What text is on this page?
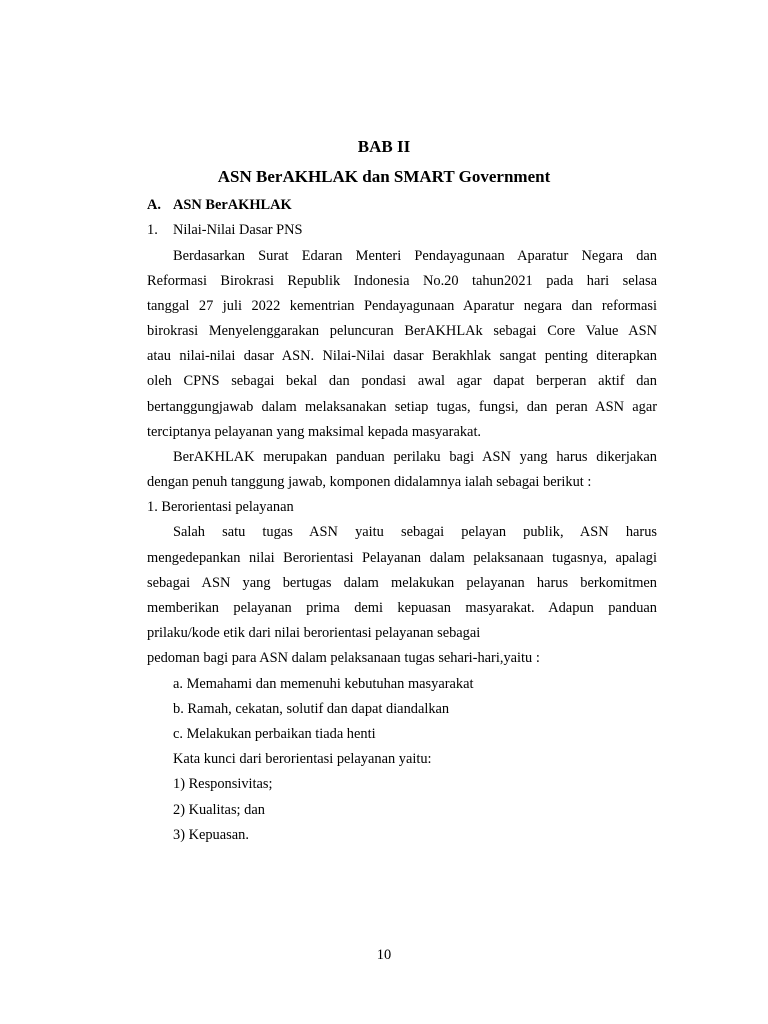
BAB II
ASN BerAKHLAK dan SMART Government
A. ASN BerAKHLAK
1. Nilai-Nilai Dasar PNS
Berdasarkan Surat Edaran Menteri Pendayagunaan Aparatur Negara dan
Reformasi Birokrasi Republik Indonesia No.20 tahun2021 pada hari selasa
tanggal 27 juli 2022 kementrian Pendayagunaan Aparatur negara dan reformasi
birokrasi Menyelenggarakan peluncuran BerAKHLAk sebagai Core Value ASN
atau nilai-nilai dasar ASN. Nilai-Nilai dasar Berakhlak sangat penting diterapkan
oleh CPNS sebagai bekal dan pondasi awal agar dapat berperan aktif dan
bertanggungjawab dalam melaksanakan setiap tugas, fungsi, dan peran ASN agar
terciptanya pelayanan yang maksimal kepada masyarakat.
BerAKHLAK merupakan panduan perilaku bagi ASN yang harus dikerjakan
dengan penuh tanggung jawab, komponen didalamnya ialah sebagai berikut :
1. Berorientasi pelayanan
Salah satu tugas ASN yaitu sebagai pelayan publik, ASN harus
mengedepankan nilai Berorientasi Pelayanan dalam pelaksanaan tugasnya, apalagi
sebagai ASN yang bertugas dalam melakukan pelayanan harus berkomitmen
memberikan pelayanan prima demi kepuasan masyarakat. Adapun panduan
prilaku/kode etik dari nilai berorientasi pelayanan sebagai
pedoman bagi para ASN dalam pelaksanaan tugas sehari-hari,yaitu :
a. Memahami dan memenuhi kebutuhan masyarakat
b. Ramah, cekatan, solutif dan dapat diandalkan
c. Melakukan perbaikan tiada henti
Kata kunci dari berorientasi pelayanan yaitu:
1) Responsivitas;
2) Kualitas; dan
3) Kepuasan.
10
